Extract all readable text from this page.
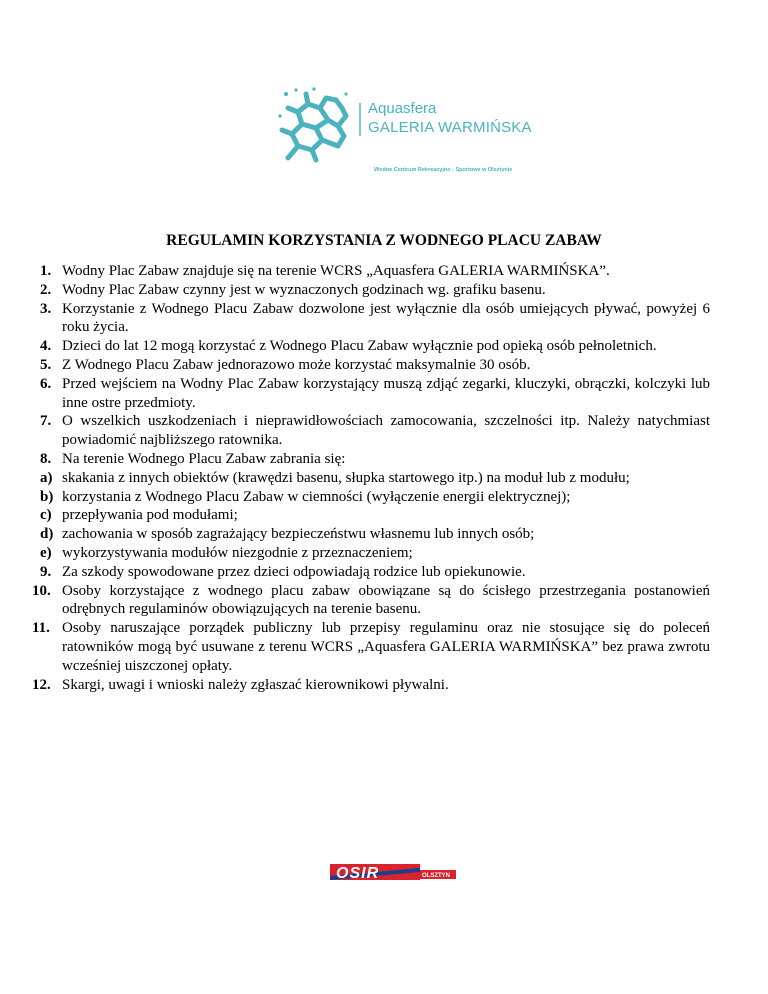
Aquasfera
GALERIA WARMIŃSKA
Wodne Centrum Rekreacyjno - Sportowe w Olsztynie
REGULAMIN KORZYSTANIA Z WODNEGO PLACU ZABAW
1. Wodny Plac Zabaw znajduje się na terenie WCRS „Aquasfera GALERIA WARMIŃSKA”.
2. Wodny Plac Zabaw czynny jest w wyznaczonych godzinach wg. grafiku basenu.
3. Korzystanie z Wodnego Placu Zabaw dozwolone jest wyłącznie dla osób umiejących pływać, powyżej 6 roku życia.
4. Dzieci do lat 12 mogą korzystać z Wodnego Placu Zabaw wyłącznie pod opieką osób pełnoletnich.
5. Z Wodnego Placu Zabaw jednorazowo może korzystać maksymalnie 30 osób.
6. Przed wejściem na Wodny Plac Zabaw korzystający muszą zdjąć zegarki, kluczyki, obrączki, kolczyki lub inne ostre przedmioty.
7. O wszelkich uszkodzeniach i nieprawidłowościach zamocowania, szczelności itp. Należy natychmiast powiadomić najbliższego ratownika.
8. Na terenie Wodnego Placu Zabaw zabrania się:
a) skakania z innych obiektów (krawędzi basenu, słupka startowego itp.) na moduł lub z modułu;
b) korzystania z Wodnego Placu Zabaw w ciemności (wyłączenie energii elektrycznej);
c) przepływania pod modułami;
d) zachowania w sposób zagrażający bezpieczeństwu własnemu lub innych osób;
e) wykorzystywania modułów niezgodnie z przeznaczeniem;
9. Za szkody spowodowane przez dzieci odpowiadają rodzice lub opiekunowie.
10. Osoby korzystające z wodnego placu zabaw obowiązane są do ścisłego przestrzegania postanowień odrębnych regulaminów obowiązujących na terenie basenu.
11. Osoby naruszające porządek publiczny lub przepisy regulaminu oraz nie stosujące się do poleceń ratowników mogą być usuwane z terenu WCRS „Aquasfera GALERIA WARMIŃSKA” bez prawa zwrotu wcześniej uiszczonej opłaty.
12. Skargi, uwagi i wnioski należy zgłaszać kierownikowi pływalni.
OSIR	OLSZTYN
